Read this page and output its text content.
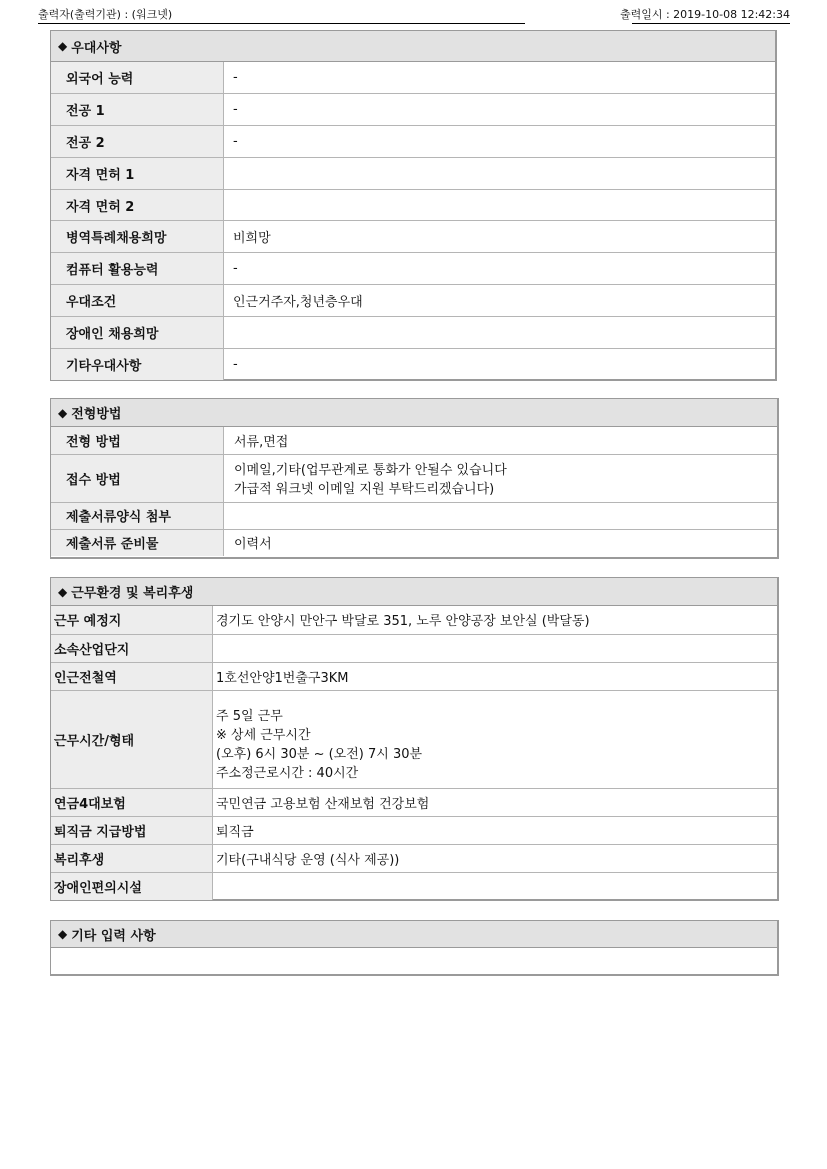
출력자(출력기관) : (워크넷)	출력일시 : 2019-10-08 12:42:34
◆ 우대사항
외국어 능력	-
전공 1	-
전공 2	-
자격 면허 1	
자격 면허 2	
병역특례채용희망	비희망
컴퓨터 활용능력	-
우대조건	인근거주자,청년층우대
장애인 채용희망	
기타우대사항	-
◆ 전형방법
전형 방법	서류,면접
접수 방법	이메일,기타(업무관계로 통화가 안될수 있습니다
가급적 워크넷 이메일 지원 부탁드리겠습니다)

제출서류양식 첨부	
제출서류 준비물	이력서
◆ 근무환경 및 복리후생
근무 예정지	경기도 안양시 만안구 박달로 351, 노루 안양공장 보안실 (박달동)
소속산업단지	
인근전철역	1호선안양1번출구3KM
근무시간/형태	주 5일 근무
※ 상세 근무시간
(오후) 6시 30분 ~ (오전) 7시 30분
주소정근로시간 : 40시간

연금4대보험	국민연금 고용보험 산재보험 건강보험
퇴직금 지급방법	퇴직금
복리후생	기타(구내식당 운영 (식사 제공))
장애인편의시설	
◆ 기타 입력 사항
